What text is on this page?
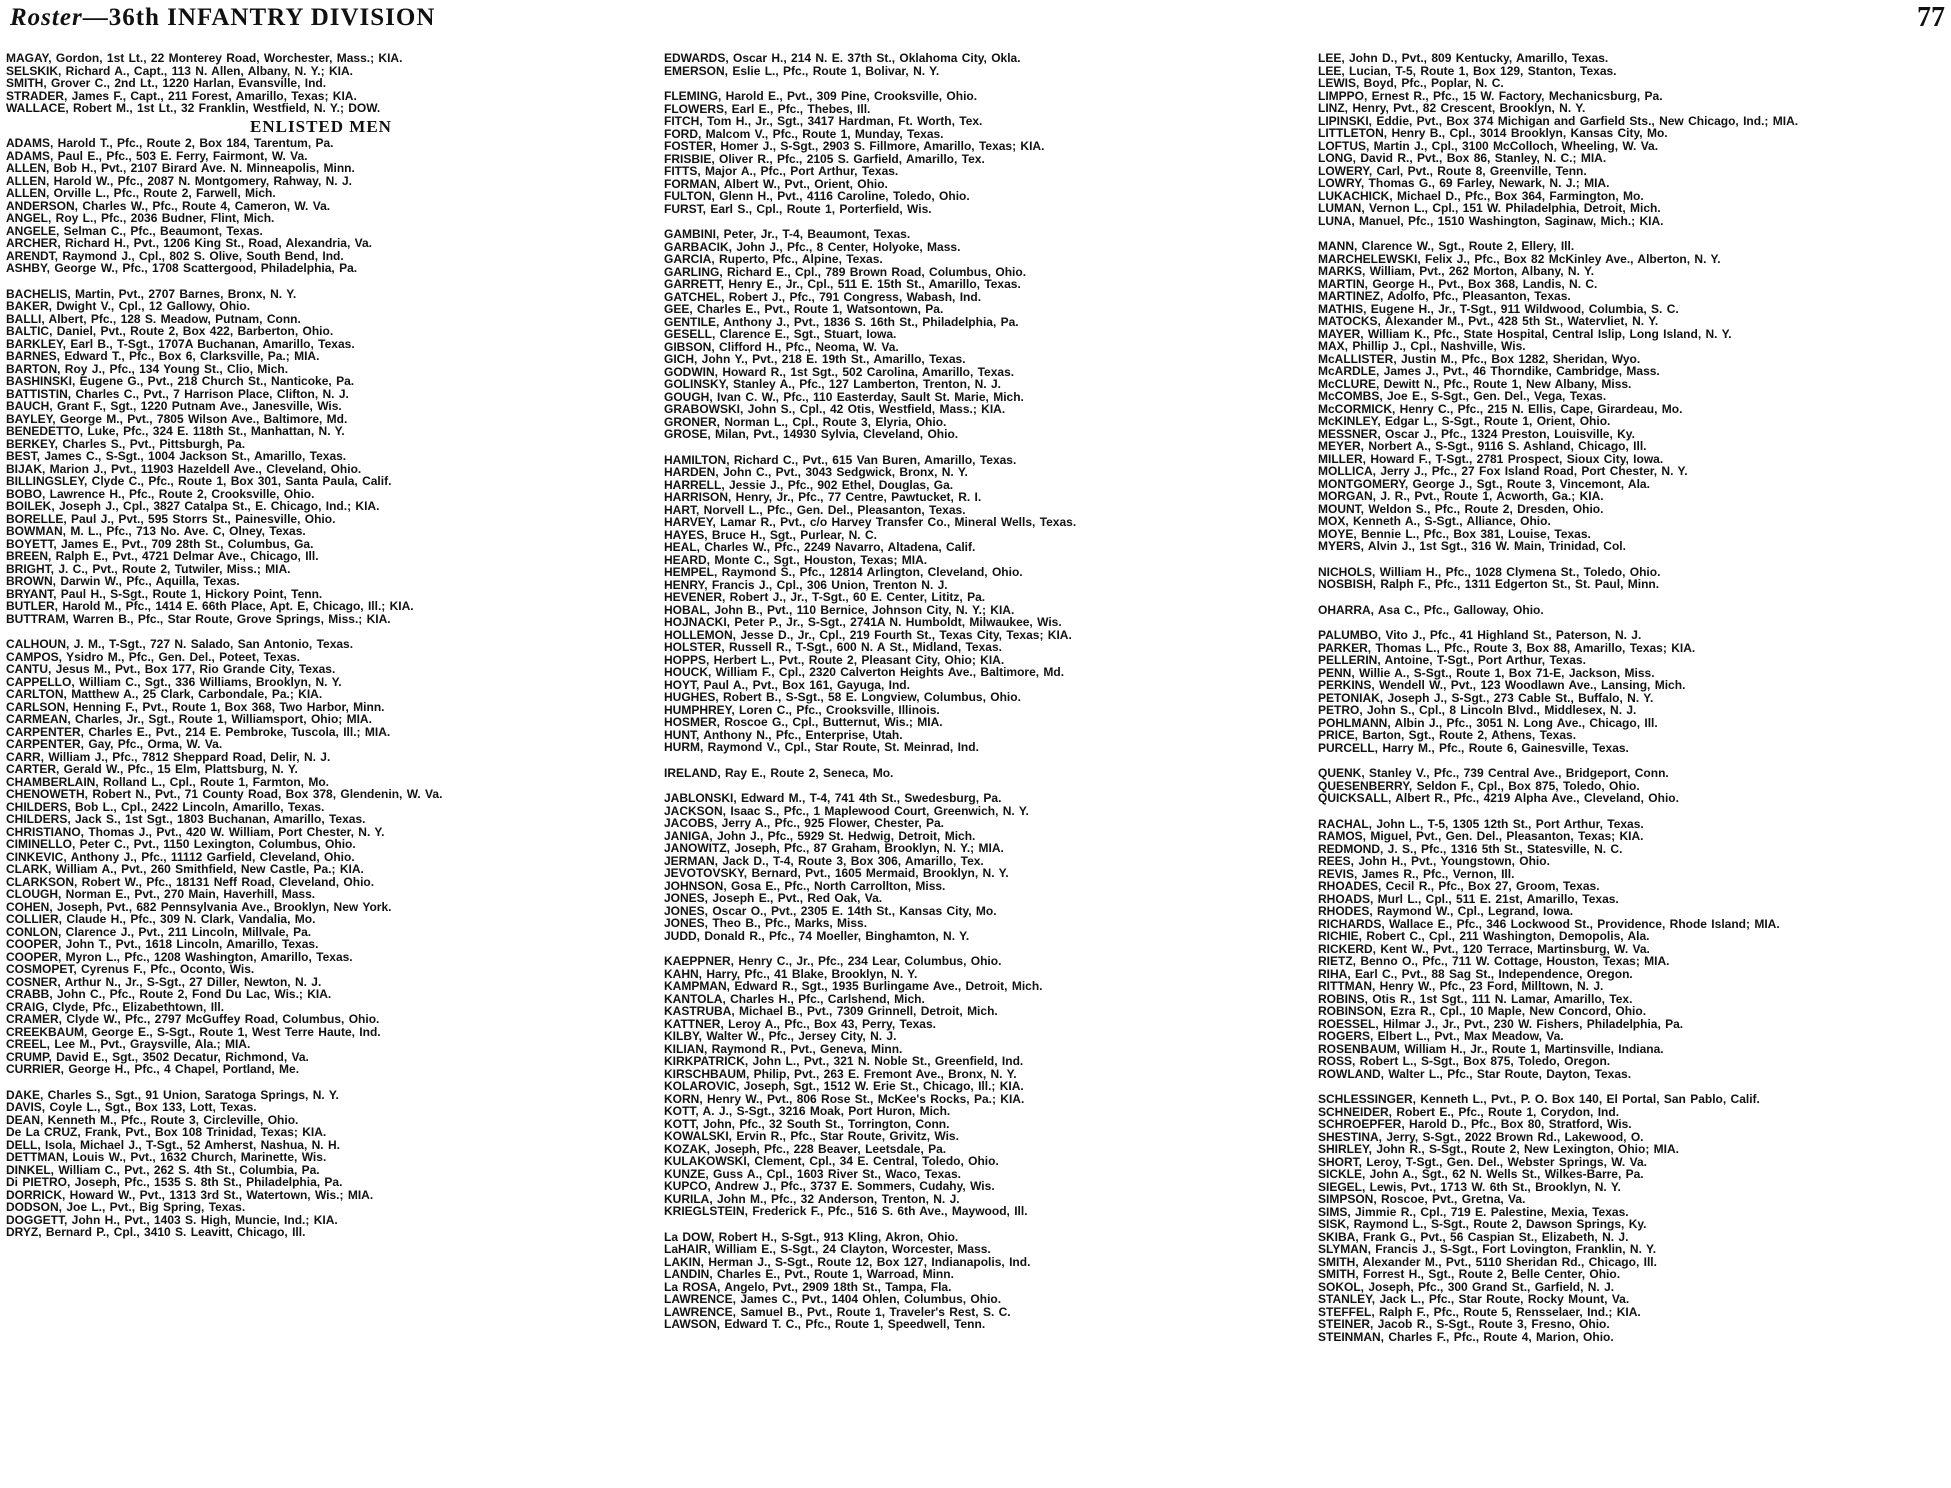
Roster—36th INFANTRY DIVISION	77

MAGAY, Gordon, 1st Lt., 22 Monterey Road, Worchester, Mass.; KIA.

SELSKIK, Richard A., Capt., 113 N. Allen, Albany, N. Y.; KIA.

SMITH, Grover C., 2nd Lt., 1220 Harlan, Evansville, Ind.

STRADER, James F., Capt., 211 Forest, Amarillo, Texas; KIA.

WALLACE, Robert M., 1st Lt., 32 Franklin, Westfield, N. Y.; DOW.

ENLISTED MEN

ADAMS, Harold T., Pfc., Route 2, Box 184, Tarentum, Pa.

ADAMS, Paul E., Pfc., 503 E. Ferry, Fairmont, W. Va.

ALLEN, Bob H., Pvt., 2107 Birard Ave. N. Minneapolis, Minn.

ALLEN, Harold W., Pfc., 2087 N. Montgomery, Rahway, N. J.

ALLEN, Orville L., Pfc., Route 2, Farwell, Mich.

ANDERSON, Charles W., Pfc., Route 4, Cameron, W. Va.

ANGEL, Roy L., Pfc., 2036 Budner, Flint, Mich.

ANGELE, Selman C., Pfc., Beaumont, Texas.

ARCHER, Richard H., Pvt., 1206 King St., Road, Alexandria, Va.

ARENDT, Raymond J., Cpl., 802 S. Olive, South Bend, Ind.

ASHBY, George W., Pfc., 1708 Scattergood, Philadelphia, Pa.

BACHELIS, Martin, Pvt., 2707 Barnes, Bronx, N. Y.

BAKER, Dwight V., Cpl., 12 Gallowy, Ohio.

BALLI, Albert, Pfc., 128 S. Meadow, Putnam, Conn.

BALTIC, Daniel, Pvt., Route 2, Box 422, Barberton, Ohio.

BARKLEY, Earl B., T-Sgt., 1707A Buchanan, Amarillo, Texas.

BARNES, Edward T., Pfc., Box 6, Clarksville, Pa.; MIA.

BARTON, Roy J., Pfc., 134 Young St., Clio, Mich.

BASHINSKI, Eugene G., Pvt., 218 Church St., Nanticoke, Pa.

BATTISTIN, Charles C., Pvt., 7 Harrison Place, Clifton, N. J.

BAUCH, Grant F., Sgt., 1220 Putnam Ave., Janesville, Wis.

BAYLEY, George M., Pvt., 7805 Wilson Ave., Baltimore, Md.

BENEDETTO, Luke, Pfc., 324 E. 118th St., Manhattan, N. Y.

BERKEY, Charles S., Pvt., Pittsburgh, Pa.

BEST, James C., S-Sgt., 1004 Jackson St., Amarillo, Texas.

BIJAK, Marion J., Pvt., 11903 Hazeldell Ave., Cleveland, Ohio.

BILLINGSLEY, Clyde C., Pfc., Route 1, Box 301, Santa Paula, Calif.

BOBO, Lawrence H., Pfc., Route 2, Crooksville, Ohio.

BOILEK, Joseph J., Cpl., 3827 Catalpa St., E. Chicago, Ind.; KIA.

BORELLE, Paul J., Pvt., 595 Storrs St., Painesville, Ohio.

BOWMAN, M. L., Pfc., 713 No. Ave. C, Olney, Texas.

BOYETT, James E., Pvt., 709 28th St., Columbus, Ga.

BREEN, Ralph E., Pvt., 4721 Delmar Ave., Chicago, Ill.

BRIGHT, J. C., Pvt., Route 2, Tutwiler, Miss.; MIA.

BROWN, Darwin W., Pfc., Aquilla, Texas.

BRYANT, Paul H., S-Sgt., Route 1, Hickory Point, Tenn.

BUTLER, Harold M., Pfc., 1414 E. 66th Place, Apt. E, Chicago, Ill.; KIA.

BUTTRAM, Warren B., Pfc., Star Route, Grove Springs, Miss.; KIA.

CALHOUN, J. M., T-Sgt., 727 N. Salado, San Antonio, Texas.

CAMPOS, Ysidro M., Pfc., Gen. Del., Poteet, Texas.

CANTU, Jesus M., Pvt., Box 177, Rio Grande City, Texas.

CAPPELLO, William C., Sgt., 336 Williams, Brooklyn, N. Y.

CARLTON, Matthew A., 25 Clark, Carbondale, Pa.; KIA.

CARLSON, Henning F., Pvt., Route 1, Box 368, Two Harbor, Minn.

CARMEAN, Charles, Jr., Sgt., Route 1, Williamsport, Ohio; MIA.

CARPENTER, Charles E., Pvt., 214 E. Pembroke, Tuscola, Ill.; MIA.

CARPENTER, Gay, Pfc., Orma, W. Va.

CARR, William J., Pfc., 7812 Sheppard Road, Delir, N. J.

CARTER, Gerald W., Pfc., 15 Elm, Plattsburg, N. Y.

CHAMBERLAIN, Rolland L., Cpl., Route 1, Farmton, Mo.

CHENOWETH, Robert N., Pvt., 71 County Road, Box 378, Glendenin, W. Va.

CHILDERS, Bob L., Cpl., 2422 Lincoln, Amarillo, Texas.

CHILDERS, Jack S., 1st Sgt., 1803 Buchanan, Amarillo, Texas.

CHRISTIANO, Thomas J., Pvt., 420 W. William, Port Chester, N. Y.

CIMINELLO, Peter C., Pvt., 1150 Lexington, Columbus, Ohio.

CINKEVIC, Anthony J., Pfc., 11112 Garfield, Cleveland, Ohio.

CLARK, William A., Pvt., 260 Smithfield, New Castle, Pa.; KIA.

CLARKSON, Robert W., Pfc., 18131 Neff Road, Cleveland, Ohio.

CLOUGH, Norman E., Pvt., 270 Main, Haverhill, Mass.

COHEN, Joseph, Pvt., 682 Pennsylvania Ave., Brooklyn, New York.

COLLIER, Claude H., Pfc., 309 N. Clark, Vandalia, Mo.

CONLON, Clarence J., Pvt., 211 Lincoln, Millvale, Pa.

COOPER, John T., Pvt., 1618 Lincoln, Amarillo, Texas.

COOPER, Myron L., Pfc., 1208 Washington, Amarillo, Texas.

COSMOPET, Cyrenus F., Pfc., Oconto, Wis.

COSNER, Arthur N., Jr., S-Sgt., 27 Diller, Newton, N. J.

CRABB, John C., Pfc., Route 2, Fond Du Lac, Wis.; KIA.

CRAIG, Clyde, Pfc., Elizabethtown, Ill.

CRAMER, Clyde W., Pfc., 2797 McGuffey Road, Columbus, Ohio.

CREEKBAUM, George E., S-Sgt., Route 1, West Terre Haute, Ind.

CREEL, Lee M., Pvt., Graysville, Ala.; MIA.

CRUMP, David E., Sgt., 3502 Decatur, Richmond, Va.

CURRIER, George H., Pfc., 4 Chapel, Portland, Me.

DAKE, Charles S., Sgt., 91 Union, Saratoga Springs, N. Y.

DAVIS, Coyle L., Sgt., Box 133, Lott, Texas.

DEAN, Kenneth M., Pfc., Route 3, Circleville, Ohio.

De La CRUZ, Frank, Pvt., Box 108 Trinidad, Texas; KIA.

DELL, Isola, Michael J., T-Sgt., 52 Amherst, Nashua, N. H.

DETTMAN, Louis W., Pvt., 1632 Church, Marinette, Wis.

DINKEL, William C., Pvt., 262 S. 4th St., Columbia, Pa.

Di PIETRO, Joseph, Pfc., 1535 S. 8th St., Philadelphia, Pa.

DORRICK, Howard W., Pvt., 1313 3rd St., Watertown, Wis.; MIA.

DODSON, Joe L., Pvt., Big Spring, Texas.

DOGGETT, John H., Pvt., 1403 S. High, Muncie, Ind.; KIA.

DRYZ, Bernard P., Cpl., 3410 S. Leavitt, Chicago, Ill.

EDWARDS, Oscar H., 214 N. E. 37th St., Oklahoma City, Okla.

EMERSON, Eslie L., Pfc., Route 1, Bolivar, N. Y.

FLEMING, Harold E., Pvt., 309 Pine, Crooksville, Ohio.

FLOWERS, Earl E., Pfc., Thebes, Ill.

FITCH, Tom H., Jr., Sgt., 3417 Hardman, Ft. Worth, Tex.

FORD, Malcom V., Pfc., Route 1, Munday, Texas.

FOSTER, Homer J., S-Sgt., 2903 S. Fillmore, Amarillo, Texas; KIA.

FRISBIE, Oliver R., Pfc., 2105 S. Garfield, Amarillo, Tex.

FITTS, Major A., Pfc., Port Arthur, Texas.

FORMAN, Albert W., Pvt., Orient, Ohio.

FULTON, Glenn H., Pvt., 4116 Caroline, Toledo, Ohio.

FURST, Earl S., Cpl., Route 1, Porterfield, Wis.

GAMBINI, Peter, Jr., T-4, Beaumont, Texas.

GARBACIK, John J., Pfc., 8 Center, Holyoke, Mass.

GARCIA, Ruperto, Pfc., Alpine, Texas.

GARLING, Richard E., Cpl., 789 Brown Road, Columbus, Ohio.

GARRETT, Henry E., Jr., Cpl., 511 E. 15th St., Amarillo, Texas.

GATCHEL, Robert J., Pfc., 791 Congress, Wabash, Ind.

GEE, Charles E., Pvt., Route 1, Watsontown, Pa.

GENTILE, Anthony J., Pvt., 1836 S. 16th St., Philadelphia, Pa.

GESELL, Clarence E., Sgt., Stuart, Iowa.

GIBSON, Clifford H., Pfc., Neoma, W. Va.

GICH, John Y., Pvt., 218 E. 19th St., Amarillo, Texas.

GODWIN, Howard R., 1st Sgt., 502 Carolina, Amarillo, Texas.

GOLINSKY, Stanley A., Pfc., 127 Lamberton, Trenton, N. J.

GOUGH, Ivan C. W., Pfc., 110 Easterday, Sault St. Marie, Mich.

GRABOWSKI, John S., Cpl., 42 Otis, Westfield, Mass.; KIA.

GRONER, Norman L., Cpl., Route 3, Elyria, Ohio.

GROSE, Milan, Pvt., 14930 Sylvia, Cleveland, Ohio.

HAMILTON, Richard C., Pvt., 615 Van Buren, Amarillo, Texas.

HARDEN, John C., Pvt., 3043 Sedgwick, Bronx, N. Y.

HARRELL, Jessie J., Pfc., 902 Ethel, Douglas, Ga.

HARRISON, Henry, Jr., Pfc., 77 Centre, Pawtucket, R. I.

HART, Norvell L., Pfc., Gen. Del., Pleasanton, Texas.

HARVEY, Lamar R., Pvt., c/o Harvey Transfer Co., Mineral Wells, Texas.

HAYES, Bruce H., Sgt., Purlear, N. C.

HEAL, Charles W., Pfc., 2249 Navarro, Altadena, Calif.

HEARD, Monte C., Sgt., Houston, Texas; MIA.

HEMPEL, Raymond S., Pfc., 12814 Arlington, Cleveland, Ohio.

HENRY, Francis J., Cpl., 306 Union, Trenton N. J.

HEVENER, Robert J., Jr., T-Sgt., 60 E. Center, Lititz, Pa.

HOBAL, John B., Pvt., 110 Bernice, Johnson City, N. Y.; KIA.

HOJNACKI, Peter P., Jr., S-Sgt., 2741A N. Humboldt, Milwaukee, Wis.

HOLLEMON, Jesse D., Jr., Cpl., 219 Fourth St., Texas City, Texas; KIA.

HOLSTER, Russell R., T-Sgt., 600 N. A St., Midland, Texas.

HOPPS, Herbert L., Pvt., Route 2, Pleasant City, Ohio; KIA.

HOUCK, William F., Cpl., 2320 Calverton Heights Ave., Baltimore, Md.

HOYT, Paul A., Pvt., Box 161, Gayuga, Ind.

HUGHES, Robert B., S-Sgt., 58 E. Longview, Columbus, Ohio.

HUMPHREY, Loren C., Pfc., Crooksville, Illinois.

HOSMER, Roscoe G., Cpl., Butternut, Wis.; MIA.

HUNT, Anthony N., Pfc., Enterprise, Utah.

HURM, Raymond V., Cpl., Star Route, St. Meinrad, Ind.

IRELAND, Ray E., Route 2, Seneca, Mo.

JABLONSKI, Edward M., T-4, 741 4th St., Swedesburg, Pa.

JACKSON, Isaac S., Pfc., 1 Maplewood Court, Greenwich, N. Y.

JACOBS, Jerry A., Pfc., 925 Flower, Chester, Pa.

JANIGA, John J., Pfc., 5929 St. Hedwig, Detroit, Mich.

JANOWITZ, Joseph, Pfc., 87 Graham, Brooklyn, N. Y.; MIA.

JERMAN, Jack D., T-4, Route 3, Box 306, Amarillo, Tex.

JEVOTOVSKY, Bernard, Pvt., 1605 Mermaid, Brooklyn, N. Y.

JOHNSON, Gosa E., Pfc., North Carrollton, Miss.

JONES, Joseph E., Pvt., Red Oak, Va.

JONES, Oscar O., Pvt., 2305 E. 14th St., Kansas City, Mo.

JONES, Theo B., Pfc., Marks, Miss.

JUDD, Donald R., Pfc., 74 Moeller, Binghamton, N. Y.

KAEPPNER, Henry C., Jr., Pfc., 234 Lear, Columbus, Ohio.

KAHN, Harry, Pfc., 41 Blake, Brooklyn, N. Y.

KAMPMAN, Edward R., Sgt., 1935 Burlingame Ave., Detroit, Mich.

KANTOLA, Charles H., Pfc., Carlshend, Mich.

KASTRUBA, Michael B., Pvt., 7309 Grinnell, Detroit, Mich.

KATTNER, Leroy A., Pfc., Box 43, Perry, Texas.

KILBY, Walter W., Pfc., Jersey City, N. J.

KILIAN, Raymond R., Pvt., Geneva, Minn.

KIRKPATRICK, John L., Pvt., 321 N. Noble St., Greenfield, Ind.

KIRSCHBAUM, Philip, Pvt., 263 E. Fremont Ave., Bronx, N. Y.

KOLAROVIC, Joseph, Sgt., 1512 W. Erie St., Chicago, Ill.; KIA.

KORN, Henry W., Pvt., 806 Rose St., McKee's Rocks, Pa.; KIA.

KOTT, A. J., S-Sgt., 3216 Moak, Port Huron, Mich.

KOTT, John, Pfc., 32 South St., Torrington, Conn.

KOWALSKI, Ervin R., Pfc., Star Route, Grivitz, Wis.

KOZAK, Joseph, Pfc., 228 Beaver, Leetsdale, Pa.

KULAKOWSKI, Clement, Cpl., 34 E. Central, Toledo, Ohio.

KUNZE, Guss A., Cpl., 1603 River St., Waco, Texas.

KUPCO, Andrew J., Pfc., 3737 E. Sommers, Cudahy, Wis.

KURILA, John M., Pfc., 32 Anderson, Trenton, N. J.

KRIEGLSTEIN, Frederick F., Pfc., 516 S. 6th Ave., Maywood, Ill.

La DOW, Robert H., S-Sgt., 913 Kling, Akron, Ohio.

LaHAIR, William E., S-Sgt., 24 Clayton, Worcester, Mass.

LAKIN, Herman J., S-Sgt., Route 12, Box 127, Indianapolis, Ind.

LANDIN, Charles E., Pvt., Route 1, Warroad, Minn.

La ROSA, Angelo, Pvt., 2909 18th St., Tampa, Fla.

LAWRENCE, James C., Pvt., 1404 Ohlen, Columbus, Ohio.

LAWRENCE, Samuel B., Pvt., Route 1, Traveler's Rest, S. C.

LAWSON, Edward T. C., Pfc., Route 1, Speedwell, Tenn.

LEE, John D., Pvt., 809 Kentucky, Amarillo, Texas.

LEE, Lucian, T-5, Route 1, Box 129, Stanton, Texas.

LEWIS, Boyd, Pfc., Poplar, N. C.

LIMPPO, Ernest R., Pfc., 15 W. Factory, Mechanicsburg, Pa.

LINZ, Henry, Pvt., 82 Crescent, Brooklyn, N. Y.

LIPINSKI, Eddie, Pvt., Box 374 Michigan and Garfield Sts., New Chicago, Ind.; MIA.

LITTLETON, Henry B., Cpl., 3014 Brooklyn, Kansas City, Mo.

LOFTUS, Martin J., Cpl., 3100 McColloch, Wheeling, W. Va.

LONG, David R., Pvt., Box 86, Stanley, N. C.; MIA.

LOWERY, Carl, Pvt., Route 8, Greenville, Tenn.

LOWRY, Thomas G., 69 Farley, Newark, N. J.; MIA.

LUKACHICK, Michael D., Pfc., Box 364, Farmington, Mo.

LUMAN, Vernon L., Cpl., 151 W. Philadelphia, Detroit, Mich.

LUNA, Manuel, Pfc., 1510 Washington, Saginaw, Mich.; KIA.

MANN, Clarence W., Sgt., Route 2, Ellery, Ill.

MARCHELEWSKI, Felix J., Pfc., Box 82 McKinley Ave., Alberton, N. Y.

MARKS, William, Pvt., 262 Morton, Albany, N. Y.

MARTIN, George H., Pvt., Box 368, Landis, N. C.

MARTINEZ, Adolfo, Pfc., Pleasanton, Texas.

MATHIS, Eugene H., Jr., T-Sgt., 911 Wildwood, Columbia, S. C.

MATOCKS, Alexander M., Pvt., 428 5th St., Watervliet, N. Y.

MAYER, William K., Pfc., State Hospital, Central Islip, Long Island, N. Y.

MAX, Phillip J., Cpl., Nashville, Wis.

McALLISTER, Justin M., Pfc., Box 1282, Sheridan, Wyo.

McARDLE, James J., Pvt., 46 Thorndike, Cambridge, Mass.

McCLURE, Dewitt N., Pfc., Route 1, New Albany, Miss.

McCOMBS, Joe E., S-Sgt., Gen. Del., Vega, Texas.

McCORMICK, Henry C., Pfc., 215 N. Ellis, Cape, Girardeau, Mo.

McKINLEY, Edgar L., S-Sgt., Route 1, Orient, Ohio.

MESSNER, Oscar J., Pfc., 1324 Preston, Louisville, Ky.

MEYER, Norbert A., S-Sgt., 9116 S. Ashland, Chicago, Ill.

MILLER, Howard F., T-Sgt., 2781 Prospect, Sioux City, Iowa.

MOLLICA, Jerry J., Pfc., 27 Fox Island Road, Port Chester, N. Y.

MONTGOMERY, George J., Sgt., Route 3, Vincemont, Ala.

MORGAN, J. R., Pvt., Route 1, Acworth, Ga.; KIA.

MOUNT, Weldon S., Pfc., Route 2, Dresden, Ohio.

MOX, Kenneth A., S-Sgt., Alliance, Ohio.

MOYE, Bennie L., Pfc., Box 381, Louise, Texas.

MYERS, Alvin J., 1st Sgt., 316 W. Main, Trinidad, Col.

NICHOLS, William H., Pfc., 1028 Clymena St., Toledo, Ohio.

NOSBISH, Ralph F., Pfc., 1311 Edgerton St., St. Paul, Minn.

OHARRA, Asa C., Pfc., Galloway, Ohio.

PALUMBO, Vito J., Pfc., 41 Highland St., Paterson, N. J.

PARKER, Thomas L., Pfc., Route 3, Box 88, Amarillo, Texas; KIA.

PELLERIN, Antoine, T-Sgt., Port Arthur, Texas.

PENN, Willie A., S-Sgt., Route 1, Box 71-E, Jackson, Miss.

PERKINS, Wendell W., Pvt., 123 Woodlawn Ave., Lansing, Mich.

PETONIAK, Joseph J., S-Sgt., 273 Cable St., Buffalo, N. Y.

PETRO, John S., Cpl., 8 Lincoln Blvd., Middlesex, N. J.

POHLMANN, Albin J., Pfc., 3051 N. Long Ave., Chicago, Ill.

PRICE, Barton, Sgt., Route 2, Athens, Texas.

PURCELL, Harry M., Pfc., Route 6, Gainesville, Texas.

QUENK, Stanley V., Pfc., 739 Central Ave., Bridgeport, Conn.

QUESENBERRY, Seldon F., Cpl., Box 875, Toledo, Ohio.

QUICKSALL, Albert R., Pfc., 4219 Alpha Ave., Cleveland, Ohio.

RACHAL, John L., T-5, 1305 12th St., Port Arthur, Texas.

RAMOS, Miguel, Pvt., Gen. Del., Pleasanton, Texas; KIA.

REDMOND, J. S., Pfc., 1316 5th St., Statesville, N. C.

REES, John H., Pvt., Youngstown, Ohio.

REVIS, James R., Pfc., Vernon, Ill.

RHOADES, Cecil R., Pfc., Box 27, Groom, Texas.

RHOADS, Murl L., Cpl., 511 E. 21st, Amarillo, Texas.

RHODES, Raymond W., Cpl., Legrand, Iowa.

RICHARDS, Wallace E., Pfc., 346 Lockwood St., Providence, Rhode Island; MIA.

RICHIE, Robert C., Cpl., 211 Washington, Demopolis, Ala.

RICKERD, Kent W., Pvt., 120 Terrace, Martinsburg, W. Va.

RIETZ, Benno O., Pfc., 711 W. Cottage, Houston, Texas; MIA.

RIHA, Earl C., Pvt., 88 Sag St., Independence, Oregon.

RITTMAN, Henry W., Pfc., 23 Ford, Milltown, N. J.

ROBINS, Otis R., 1st Sgt., 111 N. Lamar, Amarillo, Tex.

ROBINSON, Ezra R., Cpl., 10 Maple, New Concord, Ohio.

ROESSEL, Hilmar J., Jr., Pvt., 230 W. Fishers, Philadelphia, Pa.

ROGERS, Elbert L., Pvt., Max Meadow, Va.

ROSENBAUM, William H., Jr., Route 1, Martinsville, Indiana.

ROSS, Robert L., S-Sgt., Box 875, Toledo, Oregon.

ROWLAND, Walter L., Pfc., Star Route, Dayton, Texas.

SCHLESSINGER, Kenneth L., Pvt., P. O. Box 140, El Portal, San Pablo, Calif.

SCHNEIDER, Robert E., Pfc., Route 1, Corydon, Ind.

SCHROEPFER, Harold D., Pfc., Box 80, Stratford, Wis.

SHESTINA, Jerry, S-Sgt., 2022 Brown Rd., Lakewood, O.

SHIRLEY, John R., S-Sgt., Route 2, New Lexington, Ohio; MIA.

SHORT, Leroy, T-Sgt., Gen. Del., Webster Springs, W. Va.

SICKLE, John A., Sgt., 62 N. Wells St., Wilkes-Barre, Pa.

SIEGEL, Lewis, Pvt., 1713 W. 6th St., Brooklyn, N. Y.

SIMPSON, Roscoe, Pvt., Gretna, Va.

SIMS, Jimmie R., Cpl., 719 E. Palestine, Mexia, Texas.

SISK, Raymond L., S-Sgt., Route 2, Dawson Springs, Ky.

SKIBA, Frank G., Pvt., 56 Caspian St., Elizabeth, N. J.

SLYMAN, Francis J., S-Sgt., Fort Lovington, Franklin, N. Y.

SMITH, Alexander M., Pvt., 5110 Sheridan Rd., Chicago, Ill.

SMITH, Forrest H., Sgt., Route 2, Belle Center, Ohio.

SOKOL, Joseph, Pfc., 300 Grand St., Garfield, N. J.

STANLEY, Jack L., Pfc., Star Route, Rocky Mount, Va.

STEFFEL, Ralph F., Pfc., Route 5, Rensselaer, Ind.; KIA.

STEINER, Jacob R., S-Sgt., Route 3, Fresno, Ohio.

STEINMAN, Charles F., Pfc., Route 4, Marion, Ohio.
